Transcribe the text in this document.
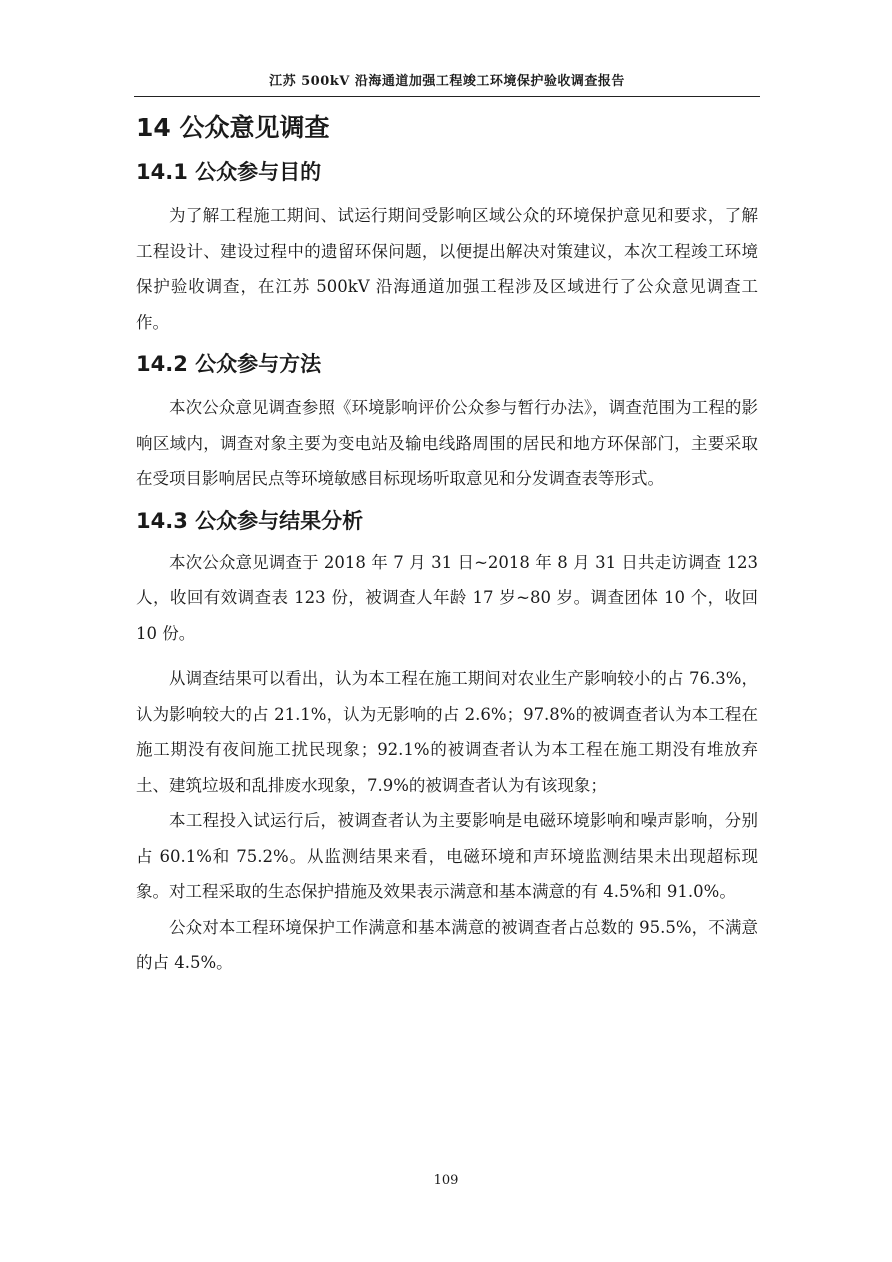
江苏 500kV 沿海通道加强工程竣工环境保护验收调查报告
14 公众意见调查
14.1 公众参与目的

为了解工程施工期间、试运行期间受影响区域公众的环境保护意见和要求，了解工程设计、建设过程中的遗留环保问题，以便提出解决对策建议，本次工程竣工环境保护验收调查，在江苏 500kV 沿海通道加强工程涉及区域进行了公众意见调查工作。

14.2 公众参与方法

本次公众意见调查参照《环境影响评价公众参与暂行办法》，调查范围为工程的影响区域内，调查对象主要为变电站及输电线路周围的居民和地方环保部门，主要采取在受项目影响居民点等环境敏感目标现场听取意见和分发调查表等形式。

14.3 公众参与结果分析

本次公众意见调查于 2018 年 7 月 31 日~2018 年 8 月 31 日共走访调查 123 人，收回有效调查表 123 份，被调查人年龄 17 岁~80 岁。调查团体 10 个，收回 10 份。

从调查结果可以看出，认为本工程在施工期间对农业生产影响较小的占 76.3%，认为影响较大的占 21.1%，认为无影响的占 2.6%；97.8%的被调查者认为本工程在施工期没有夜间施工扰民现象；92.1%的被调查者认为本工程在施工期没有堆放弃土、建筑垃圾和乱排废水现象，7.9%的被调查者认为有该现象；

本工程投入试运行后，被调查者认为主要影响是电磁环境影响和噪声影响，分别占 60.1%和 75.2%。从监测结果来看，电磁环境和声环境监测结果未出现超标现象。对工程采取的生态保护措施及效果表示满意和基本满意的有 4.5%和 91.0%。

公众对本工程环境保护工作满意和基本满意的被调查者占总数的 95.5%，不满意的占 4.5%。

109
